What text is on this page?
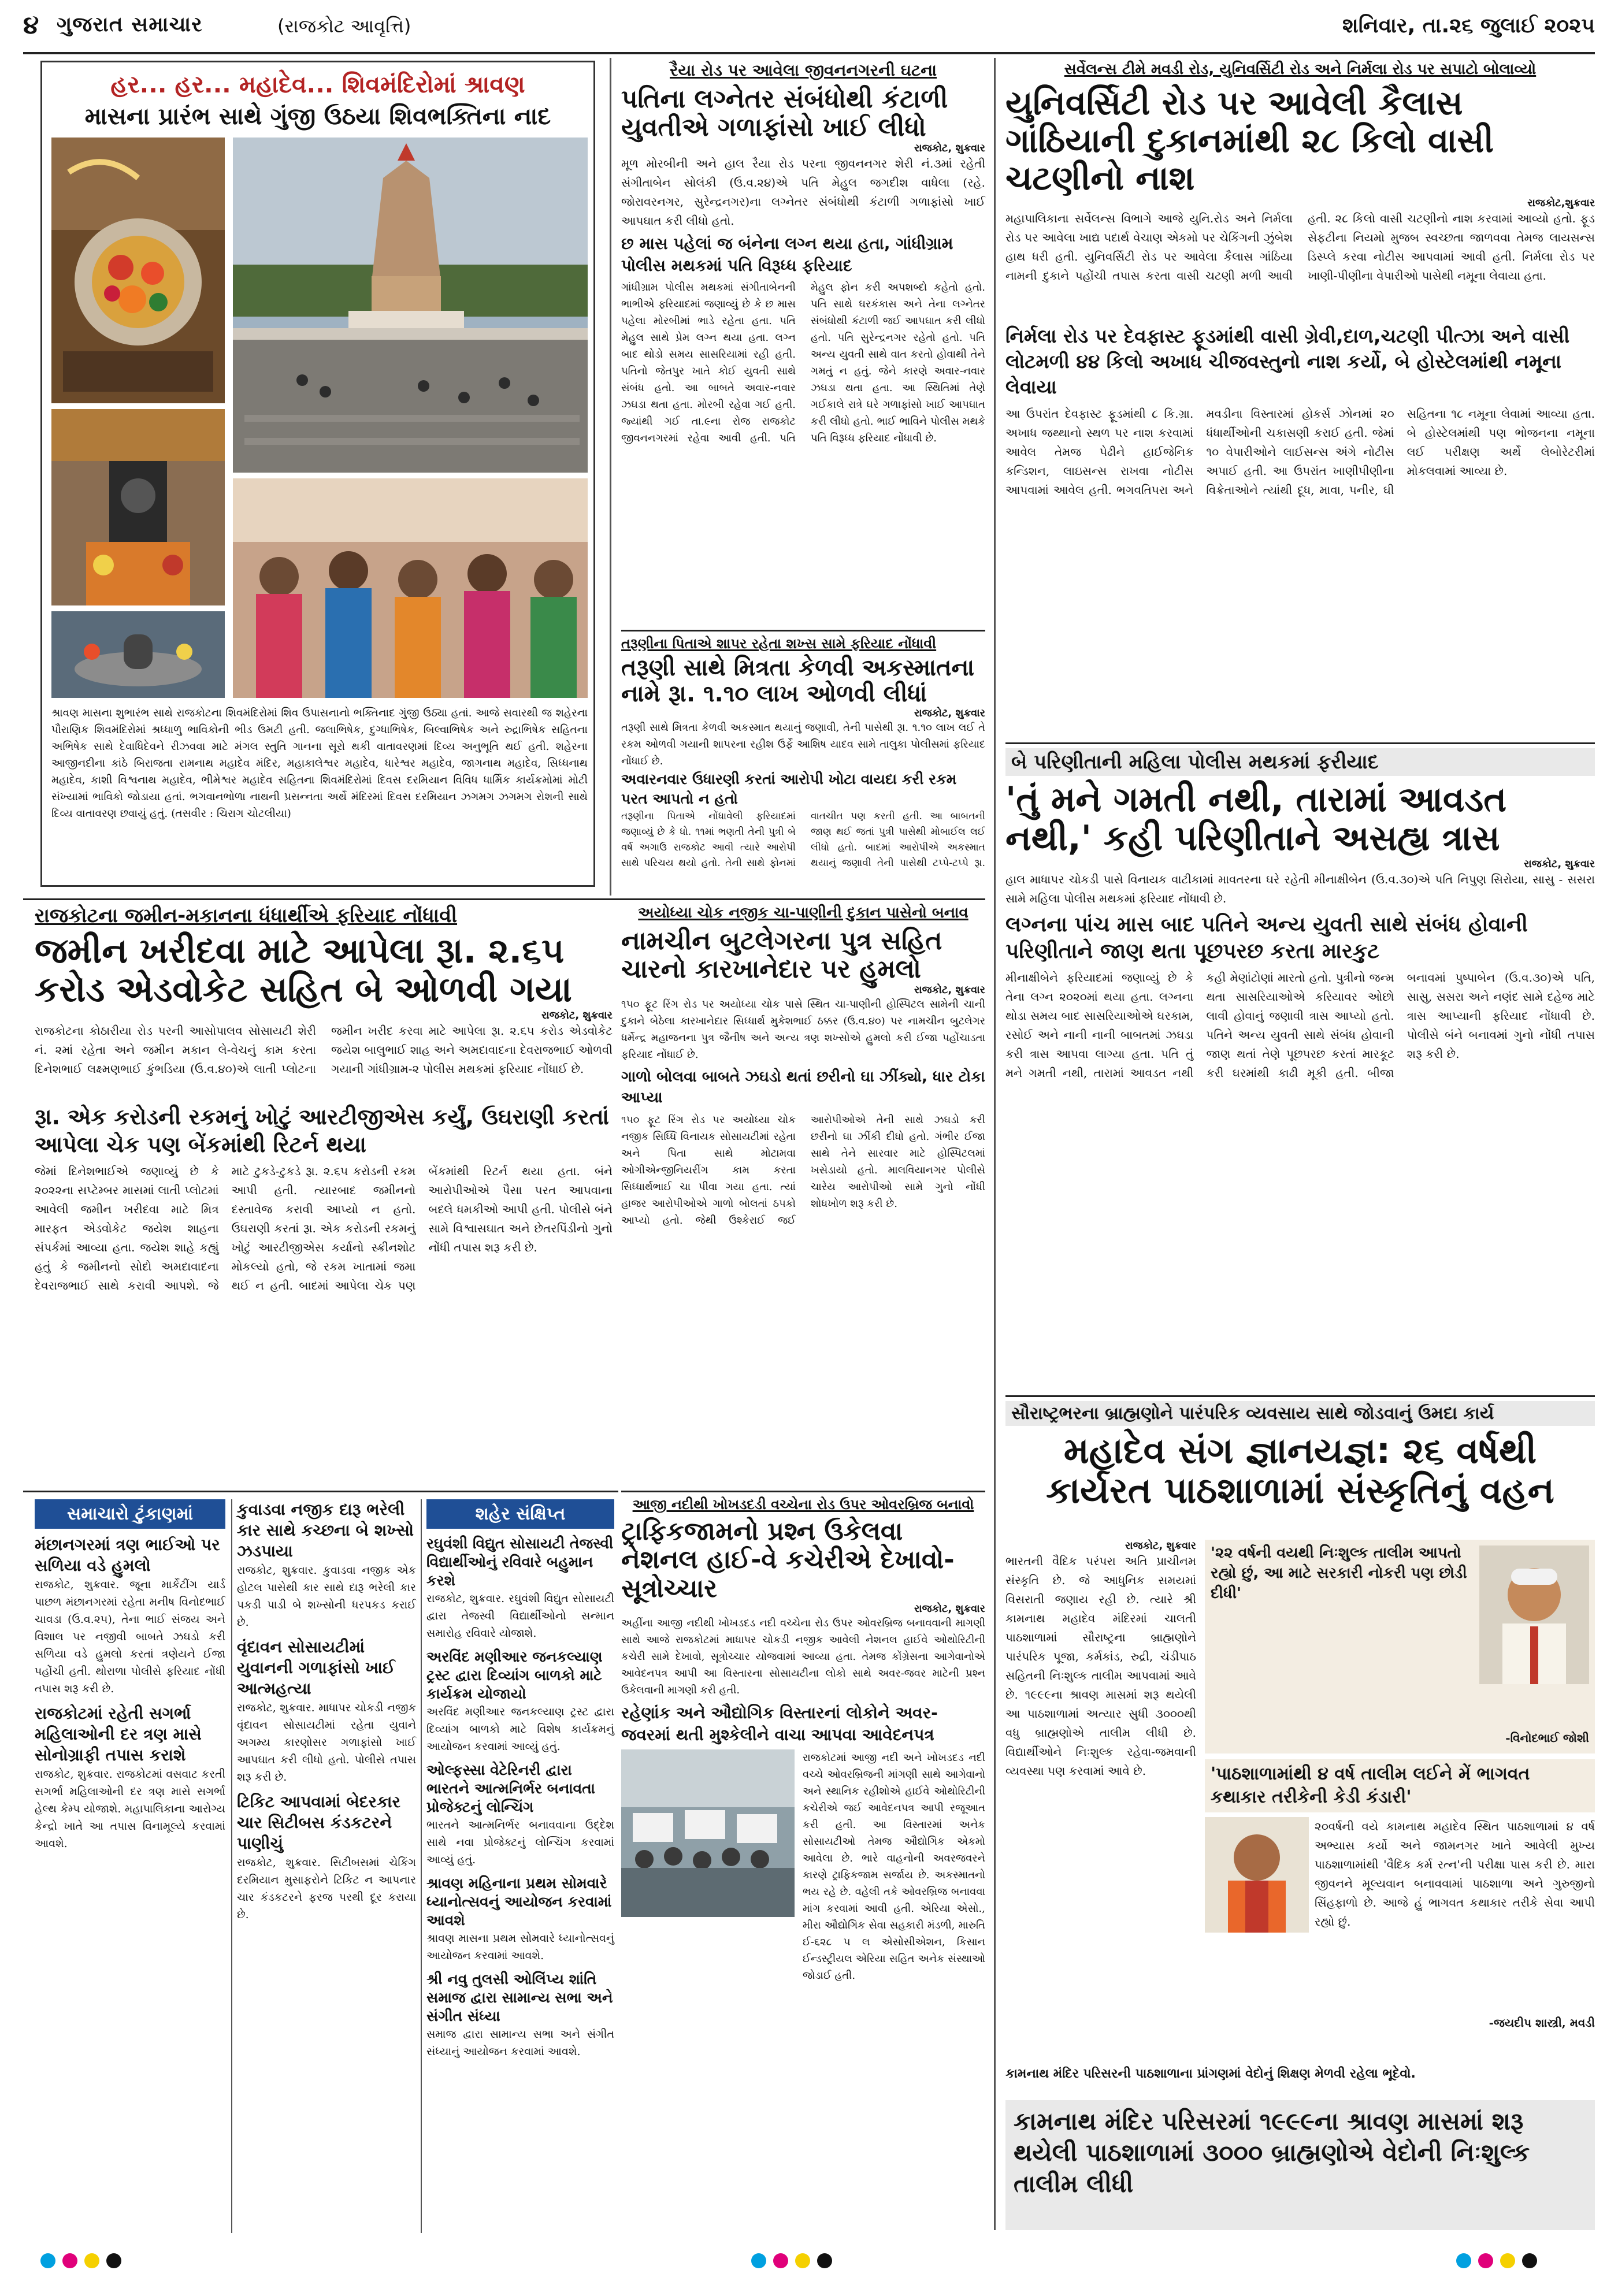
૪ ગુજરાત સમાચાર	(રાજકોટ આવૃત્તિ)	શનિવાર, તા.૨૬ જુલાઈ ૨૦૨૫
હર... હર... મહાદેવ... શિવમંદિરોમાં શ્રાવણ
માસના પ્રારંભ સાથે ગુંજી ઉઠયા શિવભક્તિના નાદ
શ્રાવણ માસના શુભારંભ સાથે રાજકોટના શિવમંદિરોમાં શિવ ઉપાસનાનો ભક્તિનાદ ગુંજી ઉઠ્યા હતાં. આજે સવારથી જ શહેરના પૌરાણિક શિવમંદિરોમાં શ્રધ્ધાળુ ભાવિકોની ભીડ ઉમટી હતી. જલાભિષેક, દુગ્ધાભિષેક, બિલ્વાભિષેક અને રુદ્રાભિષેક સહિતના અભિષેક સાથે દેવાધિદેવને રીઝવવા માટે મંગલ સ્તુતિ ગાનના સૂરો થકી વાતાવરણમાં દિવ્ય અનુભૂતિ થઈ હતી. શહેરના આજીનદીના કાંઠે બિરાજતા રામનાથ મહાદેવ મંદિર, મહાકાલેશ્વર મહાદેવ, ધારેશ્વર મહાદેવ, જાગનાથ મહાદેવ, સિધ્ધનાથ મહાદેવ, કાશી વિશ્વનાથ મહાદેવ, ભીમેશ્વર મહાદેવ સહિતના શિવમંદિરોમાં દિવસ દરમિયાન વિવિધ ધાર્મિક કાર્યક્રમોમાં મોટી સંખ્યામાં ભાવિકો જોડાયા હતાં. ભગવાનભોળા નાથની પ્રસન્નતા અર્થે મંદિરમાં દિવસ દરમિયાન ઝગમગ ઝગમગ રોશની સાથે દિવ્ય વાતાવરણ છવાયું હતું. (તસવીર : ચિરાગ ચોટલીયા)
રૈયા રોડ પર આવેલા જીવનનગરની ઘટના
પતિના લગ્નેતર સંબંધોથી કંટાળી યુવતીએ ગળાફાંસો ખાઈ લીધો
રાજકોટ, શુક્રવાર
મૂળ મોરબીની અને હાલ રૈયા રોડ પરના જીવનનગર શેરી નં.૩માં રહેતી સંગીતાબેન સોલંકી (ઉ.વ.૨૪)એ પતિ મેહુલ જગદીશ વાધેલા (રહે. જોરાવરનગર, સુરેન્દ્રનગર)ના લગ્નેતર સંબંધોથી કંટાળી ગળાફાંસો ખાઈ આપઘાત કરી લીધો હતો.
છ માસ પહેલાં જ બંનેના લગ્ન થયા હતા, ગાંધીગ્રામ પોલીસ મથકમાં પતિ વિરૂધ્ધ ફરિયાદ
ગાંધીગ્રામ પોલીસ મથકમાં સંગીતાબેનની ભાભીએ ફરિયાદમાં જણાવ્યું છે કે છ માસ પહેલા મોરબીમાં ભાડે રહેતા હતા. પતિ મેહુલ સાથે પ્રેમ લગ્ન થયા હતા. લગ્ન બાદ થોડો સમય સાસરિયામાં રહી હતી. પતિનો જેતપુર ખાતે કોઈ યુવતી સાથે સંબંધ હતો. આ બાબતે અવાર-નવાર ઝઘડા થતા હતા. મોરબી રહેવા ગઈ હતી. જ્યાંથી ગઈ તા.૯ના રોજ રાજકોટ જીવનનગરમાં રહેવા આવી હતી. પતિ મેહુલ ફોન કરી અપશબ્દો કહેતો હતો. પતિ સાથે ઘરકંકાસ અને તેના લગ્નેતર સંબંધોથી કંટાળી જઈ આપઘાત કરી લીધો હતો. પતિ સુરેન્દ્રનગર રહેતો હતો. પતિ અન્ય યુવતી સાથે વાત કરતો હોવાથી તેને ગમતું ન હતું. જેને કારણે અવાર-નવાર ઝઘડા થતા હતા. આ સ્થિતિમાં તેણે ગઈકાલે રાત્રે ઘરે ગળાફાંસો ખાઈ આપઘાત કરી લીધો હતો. ભાઈ ભાવિને પોલીસ મથકે પતિ વિરૂધ્ધ ફરિયાદ નોંધાવી છે.
તરૂણીના પિતાએ શાપર રહેતા શખ્સ સામે ફરિયાદ નોંધાવી
તરૂણી સાથે મિત્રતા કેળવી અકસ્માતના નામે રૂા. ૧.૧૦ લાખ ઓળવી લીધાં
રાજકોટ, શુક્રવાર
તરૂણી સાથે મિત્રતા કેળવી અકસ્માત થયાનું જણાવી, તેની પાસેથી રૂા. ૧.૧૦ લાખ લઈ તે રકમ ઓળવી ગયાની શાપરના રહીશ ઉર્ફે આશિષ યાદવ સામે તાલુકા પોલીસમાં ફરિયાદ નોંધાઈ છે.
અવારનવાર ઉધારણી કરતાં આરોપી ખોટા વાયદા કરી રકમ પરત આપતો ન હતો
તરૂણીના પિતાએ નોંધાવેલી ફરિયાદમાં જણાવ્યું છે કે ધો. ૧૧માં ભણતી તેની પુત્રી બે વર્ષ અગાઉ રાજકોટ આવી ત્યારે આરોપી સાથે પરિચય થયો હતો. તેની સાથે ફોનમાં વાતચીત પણ કરતી હતી. આ બાબતની જાણ થઈ જતાં પુત્રી પાસેથી મોબાઈલ લઈ લીધો હતો. બાદમાં આરોપીએ અકસ્માત થયાનું જણાવી તેની પાસેથી ટપ્પે-ટપ્પે રૂા.
સર્વેલન્સ ટીમે મવડી રોડ, યુનિવર્સિટી રોડ અને નિર્મલા રોડ પર સપાટો બોલાવ્યો
યુનિવર્સિટી રોડ પર આવેલી કૈલાસ ગાંઠિયાની દુકાનમાંથી ૨૮ કિલો વાસી ચટણીનો નાશ
રાજકોટ,શુક્રવાર
મહાપાલિકાના સર્વેલન્સ વિભાગે આજે યુનિ.રોડ અને નિર્મલા રોડ પર આવેલા ખાદ્ય પદાર્થ વેચાણ એકમો પર ચેકિંગની ઝુંબેશ હાથ ધરી હતી. યુનિવર્સિટી રોડ પર આવેલા કૈલાસ ગાંઠિયા નામની દુકાને પહોંચી તપાસ કરતા વાસી ચટણી મળી આવી હતી. ૨૮ કિલો વાસી ચટણીનો નાશ કરવામાં આવ્યો હતો. ફૂડ સેફટીના નિયમો મુજબ સ્વચ્છતા જાળવવા તેમજ લાયસન્સ ડિસ્પ્લે કરવા નોટીસ આપવામાં આવી હતી. નિર્મલા રોડ પર ખાણી-પીણીના વેપારીઓ પાસેથી નમૂના લેવાયા હતા.
નિર્મલા રોડ પર દેવફાસ્ટ ફૂડમાંથી વાસી ગ્રેવી,દાળ,ચટણી પીત્ઝા અને વાસી લોટમળી ૪૪ કિલો અખાધ ચીજવસ્તુનો નાશ કર્યો, બે હોસ્ટેલમાંથી નમૂના લેવાયા
આ ઉપરાંત દેવફાસ્ટ ફૂડમાંથી ૮ કિ.ગ્રા. અખાધ જથ્થાનો સ્થળ પર નાશ કરવામાં આવેલ તેમજ પેઢીને હાઈજેનિક કન્ડિશન, લાઇસન્સ રાખવા નોટીસ આપવામાં આવેલ હતી. ભગવતિપરા અને મવડીના વિસ્તારમાં હોકર્સ ઝોનમાં ૨૦ ધંધાર્થીઓની ચકાસણી કરાઈ હતી. જેમાં ૧૦ વેપારીઓને લાઈસન્સ અંગે નોટીસ અપાઈ હતી. આ ઉપરાંત ખાણીપીણીના વિક્રેતાઓને ત્યાંથી દૂધ, માવા, પનીર, ઘી સહિતના ૧૮ નમૂના લેવામાં આવ્યા હતા. બે હોસ્ટેલમાંથી પણ ભોજનના નમૂના લઈ પરીક્ષણ અર્થે લેબોરેટરીમાં મોકલવામાં આવ્યા છે.
બે પરિણીતાની મહિલા પોલીસ મથકમાં ફરીયાદ
'તું મને ગમતી નથી, તારામાં આવડત નથી,' કહી પરિણીતાને અસહ્ય ત્રાસ
રાજકોટ, શુક્રવાર
હાલ માધાપર ચોકડી પાસે વિનાયક વાટીકામાં માવતરના ઘરે રહેતી મીનાક્ષીબેન (ઉ.વ.૩૦)એ પતિ નિપુણ સિરોયા, સાસુ - સસરા સામે મહિલા પોલીસ મથકમાં ફરિયાદ નોંધાવી છે.
લગ્નના પાંચ માસ બાદ પતિને અન્ય યુવતી સાથે સંબંધ હોવાની પરિણીતાને જાણ થતા પૂછપરછ કરતા મારકુટ
મીનાક્ષીબેને ફરિયાદમાં જણાવ્યું છે કે તેના લગ્ન ૨૦૨૦માં થયા હતા. લગ્નના થોડા સમય બાદ સાસરિયાઓએ ઘરકામ, રસોઈ અને નાની નાની બાબતમાં ઝઘડા કરી ત્રાસ આપવા લાગ્યા હતા. પતિ તું મને ગમતી નથી, તારામાં આવડત નથી કહી મેણાંટોણાં મારતો હતો. પુત્રીનો જન્મ થતા સાસરિયાઓએ કરિયાવર ઓછો લાવી હોવાનું જણાવી ત્રાસ આપ્યો હતો. પતિને અન્ય યુવતી સાથે સંબંધ હોવાની જાણ થતાં તેણે પૂછપરછ કરતાં મારકૂટ કરી ઘરમાંથી કાઢી મૂકી હતી. બીજા બનાવમાં પુષ્પાબેન (ઉ.વ.૩૦)એ પતિ, સાસુ, સસરા અને નણંદ સામે દહેજ માટે ત્રાસ આપ્યાની ફરિયાદ નોંધાવી છે. પોલીસે બંને બનાવમાં ગુનો નોંધી તપાસ શરૂ કરી છે.
રાજકોટના જમીન-મકાનના ધંધાર્થીએ ફરિયાદ નોંધાવી
જમીન ખરીદવા માટે આપેલા રૂા. ૨.૬૫ કરોડ એડવોકેટ સહિત બે ઓળવી ગયા
રાજકોટ, શુક્રવાર
રાજકોટના કોઠારીયા રોડ પરની આસોપાલવ સોસાયટી શેરી નં. ૨માં રહેતા અને જમીન મકાન લે-વેચનું કામ કરતા દિનેશભાઈ લક્ષ્મણભાઈ કુંભડિયા (ઉ.વ.૪૦)એ લાતી પ્લોટના જમીન ખરીદ કરવા માટે આપેલા રૂા. ૨.૬૫ કરોડ એડવોકેટ જયેશ બાલુભાઈ શાહ અને અમદાવાદના દેવરાજભાઈ ઓળવી ગયાની ગાંધીગ્રામ-૨ પોલીસ મથકમાં ફરિયાદ નોંધાઈ છે.
રૂા. એક કરોડની રકમનું ખોટું આરટીજીએસ કર્યું, ઉઘરાણી કરતાં આપેલા ચેક પણ બેંકમાંથી રિટર્ન થયા
જેમાં દિનેશભાઈએ જણાવ્યું છે કે ૨૦૨૨ના સપ્ટેમ્બર માસમાં લાતી પ્લોટમાં આવેલી જમીન ખરીદવા માટે મિત્ર મારફત એડવોકેટ જયેશ શાહના સંપર્કમાં આવ્યા હતા. જયેશ શાહે કહ્યું હતું કે જમીનનો સોદો અમદાવાદના દેવરાજભાઈ સાથે કરાવી આપશે. જે માટે ટુકડે-ટુકડે રૂા. ૨.૬૫ કરોડની રકમ આપી હતી. ત્યારબાદ જમીનનો દસ્તાવેજ કરાવી આપ્યો ન હતો. ઉઘરાણી કરતાં રૂા. એક કરોડની રકમનું ખોટું આરટીજીએસ કર્યાનો સ્ક્રીનશોટ મોકલ્યો હતો, જે રકમ ખાતામાં જમા થઈ ન હતી. બાદમાં આપેલા ચેક પણ બેંકમાંથી રિટર્ન થયા હતા. બંને આરોપીઓએ પૈસા પરત આપવાના બદલે ધમકીઓ આપી હતી. પોલીસે બંને સામે વિશ્વાસઘાત અને છેતરપિંડીનો ગુનો નોંધી તપાસ શરૂ કરી છે.
અયોધ્યા ચોક નજીક ચા-પાણીની દુકાન પાસેનો બનાવ
નામચીન બુટલેગરના પુત્ર સહિત ચારનો કારખાનેદાર પર હુમલો
રાજકોટ, શુક્રવાર
૧૫૦ ફૂટ રિંગ રોડ પર અયોધ્યા ચોક પાસે સ્થિત ચા-પાણીની હોસ્પિટલ સામેની ચાની દુકાને બેઠેલા કારખાનેદાર સિધ્ધાર્થ મુકેશભાઈ ઠક્કર (ઉ.વ.૪૦) પર નામચીન બુટલેગર ધર્મેન્દ્ર મહાજનના પુત્ર જૈનીષ અને અન્ય ત્રણ શખ્સોએ હુમલો કરી ઈજા પહોંચાડતા ફરિયાદ નોંધાઈ છે.
ગાળો બોલવા બાબતે ઝઘડો થતાં છરીનો ઘા ઝીંક્યો, ધાર ટોકા આપ્યા
૧૫૦ ફૂટ રિંગ રોડ પર અયોધ્યા ચોક નજીક સિધ્ધિ વિનાયક સોસાયટીમાં રહેતા અને પિતા સાથે મોટામવા ઓગીએન્જીનિયરીંગ કામ કરતા સિધ્ધાર્થભાઈ ચા પીવા ગયા હતા. ત્યાં હાજર આરોપીઓએ ગાળો બોલતાં ઠપકો આપ્યો હતો. જેથી ઉશ્કેરાઈ જઈ આરોપીઓએ તેની સાથે ઝઘડો કરી છરીનો ઘા ઝીંકી દીધો હતો. ગંભીર ઈજા સાથે તેને સારવાર માટે હોસ્પિટલમાં ખસેડાયો હતો. માલવિયાનગર પોલીસે ચારેય આરોપીઓ સામે ગુનો નોંધી શોધખોળ શરૂ કરી છે.
આજી નદીથી ખોખડદડી વચ્ચેના રોડ ઉપર ઓવરબ્રિજ બનાવો
ટ્રાફિકજામનો પ્રશ્ન ઉકેલવા નેશનલ હાઈ-વે કચેરીએ દેખાવો-સૂત્રોચ્ચાર
રાજકોટ, શુક્રવાર
અહીંના આજી નદીથી ખોખડદડ નદી વચ્ચેના રોડ ઉપર ઓવરબ્રિજ બનાવવાની માગણી સાથે આજે રાજકોટમાં માધાપર ચોકડી નજીક આવેલી નેશનલ હાઈવે ઓથોરિટીની કચેરી સામે દેખાવો, સૂત્રોચ્ચાર યોજવામાં આવ્યા હતા. તેમજ કોંગ્રેસના આગેવાનોએ આવેદનપત્ર આપી આ વિસ્તારના સોસાયટીના લોકો સાથે અવર-જવર માટેની પ્રશ્ન ઉકેલવાની માગણી કરી હતી.
રહેણાંક અને ઔદ્યોગિક વિસ્તારનાં લોકોને અવર-જવરમાં થતી મુશ્કેલીને વાચા આપવા આવેદનપત્ર
રાજકોટમાં આજી નદી અને ખોખડદડ નદી વચ્ચે ઓવરબ્રિજની માંગણી સાથે આગેવાનો અને સ્થાનિક રહીશોએ હાઈવે ઓથોરિટીની કચેરીએ જઈ આવેદનપત્ર આપી રજૂઆત કરી હતી. આ વિસ્તારમાં અનેક સોસાયટીઓ તેમજ ઔદ્યોગિક એકમો આવેલા છે. ભારે વાહનોની અવરજવરને કારણે ટ્રાફિકજામ સર્જાય છે. અકસ્માતનો ભય રહે છે. વહેલી તકે ઓવરબ્રિજ બનાવવા માંગ કરવામાં આવી હતી. એરિયા એસો., મીરા ઔદ્યોગિક સેવા સહકારી મંડળી, મારુતિ ઈ-૬૨૮ ૫ લ એસોસીએશન, કિસાન ઈન્ડસ્ટ્રીયલ એરિયા સહિત અનેક સંસ્થાઓ જોડાઈ હતી.
સમાચારો ટુંકાણમાં
મંછાનગરમાં ત્રણ ભાઈઓ પર સળિયા વડે હુમલો
રાજકોટ, શુક્રવાર. જૂના માર્કેટીંગ યાર્ડ પાછળ મંછાનગરમાં રહેતા મનીષ વિનોદભાઈ ચાવડા (ઉ.વ.૨૫), તેના ભાઈ સંજય અને વિશાલ પર નજીવી બાબતે ઝઘડો કરી સળિયા વડે હુમલો કરતાં ત્રણેયને ઈજા પહોંચી હતી. થોરાળા પોલીસે ફરિયાદ નોંધી તપાસ શરૂ કરી છે.
રાજકોટમાં રહેતી સગર્ભા મહિલાઓની દર ત્રણ માસે સોનોગ્રાફી તપાસ કરાશે
રાજકોટ, શુક્રવાર. રાજકોટમાં વસવાટ કરતી સગર્ભા મહિલાઓની દર ત્રણ માસે સગર્ભા હેલ્થ કેમ્પ યોજાશે. મહાપાલિકાના આરોગ્ય કેન્દ્રો ખાતે આ તપાસ વિનામૂલ્યે કરવામાં આવશે.
કુવાડવા નજીક દારૂ ભરેલી કાર સાથે કચ્છના બે શખ્સો ઝડપાયા
રાજકોટ, શુક્રવાર. કુવાડવા નજીક એક હોટલ પાસેથી કાર સાથે દારૂ ભરેલી કાર પકડી પાડી બે શખ્સોની ધરપકડ કરાઈ છે.
વૃંદાવન સોસાયટીમાં યુવાનની ગળાફાંસો ખાઈ આત્મહત્યા
રાજકોટ, શુક્રવાર. માધાપર ચોકડી નજીક વૃંદાવન સોસાયટીમાં રહેતા યુવાને અગમ્ય કારણોસર ગળાફાંસો ખાઈ આપઘાત કરી લીધો હતો. પોલીસે તપાસ શરૂ કરી છે.
ટિકિટ આપવામાં બેદરકાર ચાર સિટીબસ કંડકટરને પાણીચું
રાજકોટ, શુક્રવાર. સિટીબસમાં ચેકિંગ દરમિયાન મુસાફરોને ટિકિટ ન આપનાર ચાર કંડકટરને ફરજ પરથી દૂર કરાયા છે.
શહેર સંક્ષિપ્ત
રઘુવંશી વિદ્યુત સોસાયટી તેજસ્વી વિદ્યાર્થીઓનું રવિવારે બહુમાન કરશે
રાજકોટ, શુક્રવાર. રઘુવંશી વિદ્યુત સોસાયટી દ્વારા તેજસ્વી વિદ્યાર્થીઓનો સન્માન સમારોહ રવિવારે યોજાશે.
અરવિંદ મણીઆર જનકલ્યાણ ટ્રસ્ટ દ્વારા દિવ્યાંગ બાળકો માટે કાર્યક્રમ યોજાયો
અરવિંદ મણીઆર જનકલ્યાણ ટ્રસ્ટ દ્વારા દિવ્યાંગ બાળકો માટે વિશેષ કાર્યક્રમનું આયોજન કરવામાં આવ્યું હતું.
ઓલ્ફસ્સા વેટેરિનરી દ્વારા ભારતને આત્મનિર્ભર બનાવતા પ્રોજેક્ટનું લોન્ચિંગ
ભારતને આત્મનિર્ભર બનાવવાના ઉદ્દેશ સાથે નવા પ્રોજેક્ટનું લોન્ચિંગ કરવામાં આવ્યું હતું.
શ્રાવણ મહિનાના પ્રથમ સોમવારે ધ્યાનોત્સવનું આયોજન કરવામાં આવશે
શ્રાવણ માસના પ્રથમ સોમવારે ધ્યાનોત્સવનું આયોજન કરવામાં આવશે.
શ્રી નવુ તુલસી ઓલિંપ્ય શાંતિ સમાજ દ્વારા સામાન્ય સભા અને સંગીત સંધ્યા
સમાજ દ્વારા સામાન્ય સભા અને સંગીત સંધ્યાનું આયોજન કરવામાં આવશે.
સૌરાષ્ટ્રભરના બ્રાહ્મણોને પારંપરિક વ્યવસાય સાથે જોડવાનું ઉમદા કાર્ય
મહાદેવ સંગ જ્ઞાનયજ્ઞ: ૨૬ વર્ષથી કાર્યરત પાઠશાળામાં સંસ્કૃતિનું વહન
રાજકોટ, શુક્રવાર
ભારતની વૈદિક પરંપરા અતિ પ્રાચીનમ સંસ્કૃતિ છે. જે આધુનિક સમયમાં વિસરાતી જણાય રહી છે. ત્યારે શ્રી કામનાથ મહાદેવ મંદિરમાં ચાલતી પાઠશાળામાં સૌરાષ્ટ્રના બ્રાહ્મણોને પારંપરિક પૂજા, કર્મકાંડ, રુદ્રી, ચંડીપાઠ સહિતની નિઃશુલ્ક તાલીમ આપવામાં આવે છે. ૧૯૯૯ના શ્રાવણ માસમાં શરૂ થયેલી આ પાઠશાળામાં અત્યાર સુધી ૩૦૦૦થી વધુ બ્રાહ્મણોએ તાલીમ લીધી છે. વિદ્યાર્થીઓને નિઃશુલ્ક રહેવા-જમવાની વ્યવસ્થા પણ કરવામાં આવે છે.
'૨૨ વર્ષની વયથી નિઃશુલ્ક તાલીમ આપતો રહ્યો છું, આ માટે સરકારી નોકરી પણ છોડી દીધી'
-વિનોદભાઈ જોશી
'પાઠશાળામાંથી ૪ વર્ષ તાલીમ લઈને મેં ભાગવત કથાકાર તરીકેની કેડી કંડારી'
૨૦વર્ષની વયે કામનાથ મહાદેવ સ્થિત પાઠશાળામાં ૪ વર્ષ અભ્યાસ કર્યો અને જામનગર ખાતે આવેલી મુખ્ય પાઠશાળામાંથી 'વૈદિક કર્મ રત્ન'ની પરીક્ષા પાસ કરી છે. મારા જીવનને મૂલ્યવાન બનાવવામાં પાઠશાળા અને ગુરુજીનો સિંહફાળો છે. આજે હું ભાગવત કથાકાર તરીકે સેવા આપી રહ્યો છું.
-જયદીપ શાસ્ત્રી, મવડી
કામનાથ મંદિર પરિસરની પાઠશાળાના પ્રાંગણમાં વેદોનું શિક્ષણ મેળવી રહેલા ભૂદેવો.
કામનાથ મંદિર પરિસરમાં ૧૯૯૯ના શ્રાવણ માસમાં શરૂ થયેલી પાઠશાળામાં ૩૦૦૦ બ્રાહ્મણોએ વેદોની નિઃશુલ્ક તાલીમ લીધી
